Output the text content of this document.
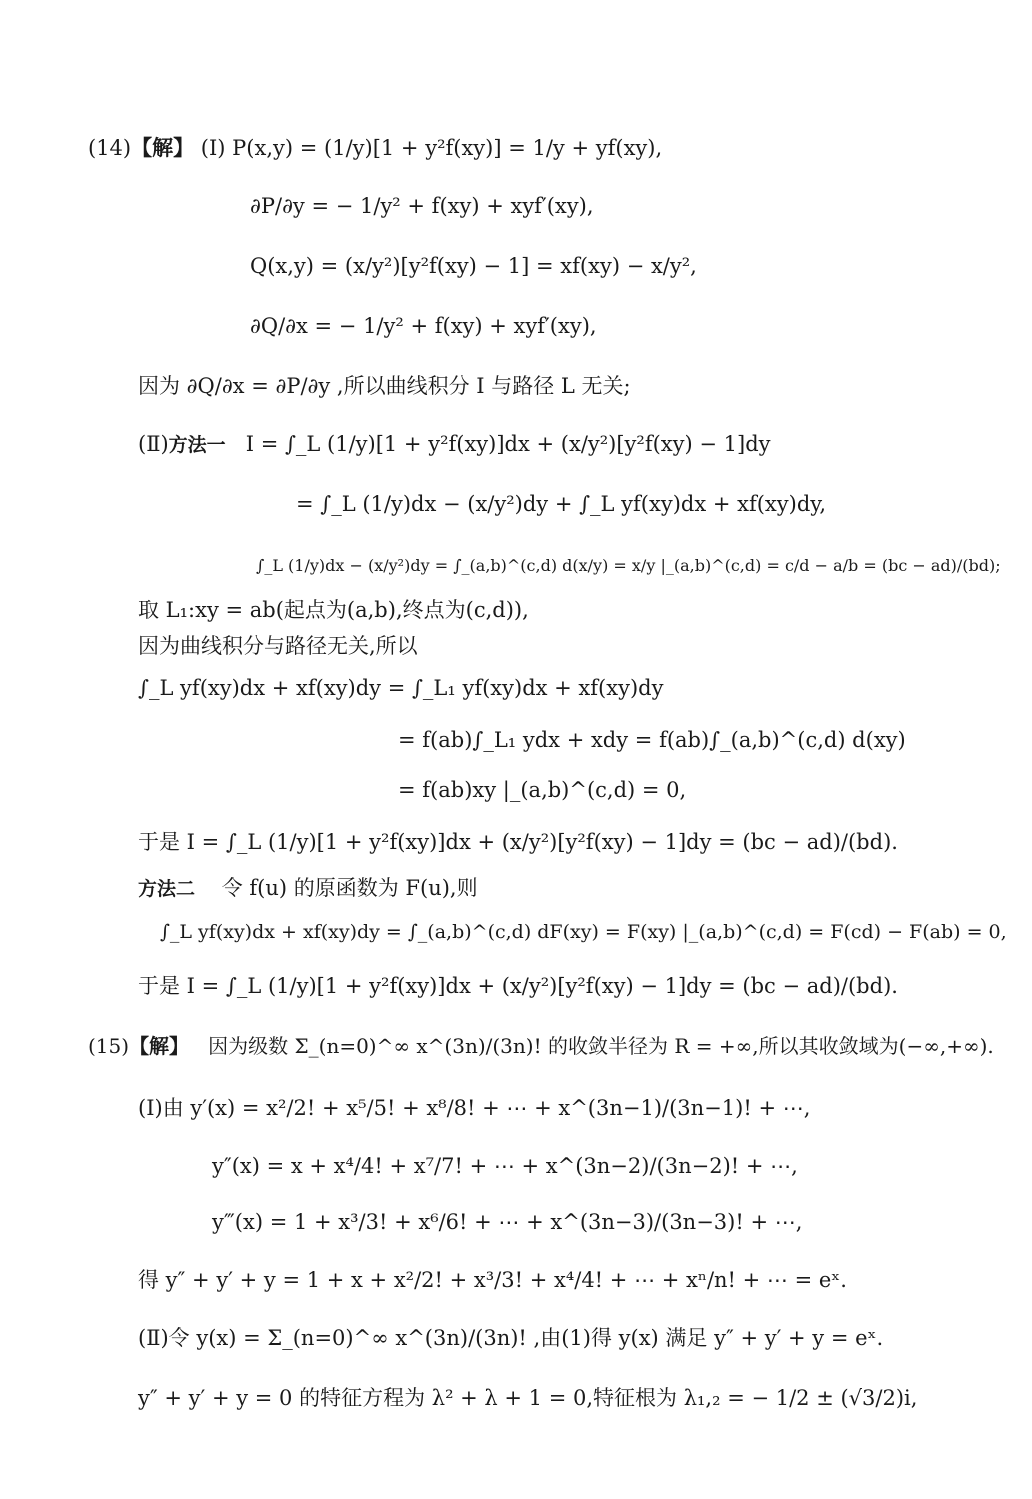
(14)【解】 (Ⅰ) P(x,y) = (1/y)[1 + y²f(xy)] = 1/y + yf(xy),
∂P/∂y = − 1/y² + f(xy) + xyf′(xy),
Q(x,y) = (x/y²)[y²f(xy) − 1] = xf(xy) − x/y²,
∂Q/∂x = − 1/y² + f(xy) + xyf′(xy),
因为 ∂Q/∂x = ∂P/∂y ,所以曲线积分 I 与路径 L 无关;
(Ⅱ)方法一 I = ∫_L (1/y)[1 + y²f(xy)]dx + (x/y²)[y²f(xy) − 1]dy
= ∫_L (1/y)dx − (x/y²)dy + ∫_L yf(xy)dx + xf(xy)dy,
∫_L (1/y)dx − (x/y²)dy = ∫_(a,b)^(c,d) d(x/y) = x/y |_(a,b)^(c,d) = c/d − a/b = (bc − ad)/(bd);
取 L₁:xy = ab(起点为(a,b),终点为(c,d)),
因为曲线积分与路径无关,所以
∫_L yf(xy)dx + xf(xy)dy = ∫_L₁ yf(xy)dx + xf(xy)dy
= f(ab)∫_L₁ ydx + xdy = f(ab)∫_(a,b)^(c,d) d(xy)
= f(ab)xy |_(a,b)^(c,d) = 0,
于是 I = ∫_L (1/y)[1 + y²f(xy)]dx + (x/y²)[y²f(xy) − 1]dy = (bc − ad)/(bd).
方法二 令 f(u) 的原函数为 F(u),则
∫_L yf(xy)dx + xf(xy)dy = ∫_(a,b)^(c,d) dF(xy) = F(xy) |_(a,b)^(c,d) = F(cd) − F(ab) = 0,
于是 I = ∫_L (1/y)[1 + y²f(xy)]dx + (x/y²)[y²f(xy) − 1]dy = (bc − ad)/(bd).
(15)【解】 因为级数 Σ_(n=0)^∞ x^(3n)/(3n)! 的收敛半径为 R = +∞,所以其收敛域为(−∞,+∞).
(Ⅰ)由 y′(x) = x²/2! + x⁵/5! + x⁸/8! + ⋯ + x^(3n−1)/(3n−1)! + ⋯,
y″(x) = x + x⁴/4! + x⁷/7! + ⋯ + x^(3n−2)/(3n−2)! + ⋯,
y‴(x) = 1 + x³/3! + x⁶/6! + ⋯ + x^(3n−3)/(3n−3)! + ⋯,
得 y″ + y′ + y = 1 + x + x²/2! + x³/3! + x⁴/4! + ⋯ + xⁿ/n! + ⋯ = eˣ.
(Ⅱ)令 y(x) = Σ_(n=0)^∞ x^(3n)/(3n)! ,由(1)得 y(x) 满足 y″ + y′ + y = eˣ.
y″ + y′ + y = 0 的特征方程为 λ² + λ + 1 = 0,特征根为 λ₁,₂ = − 1/2 ± (√3/2)i,
